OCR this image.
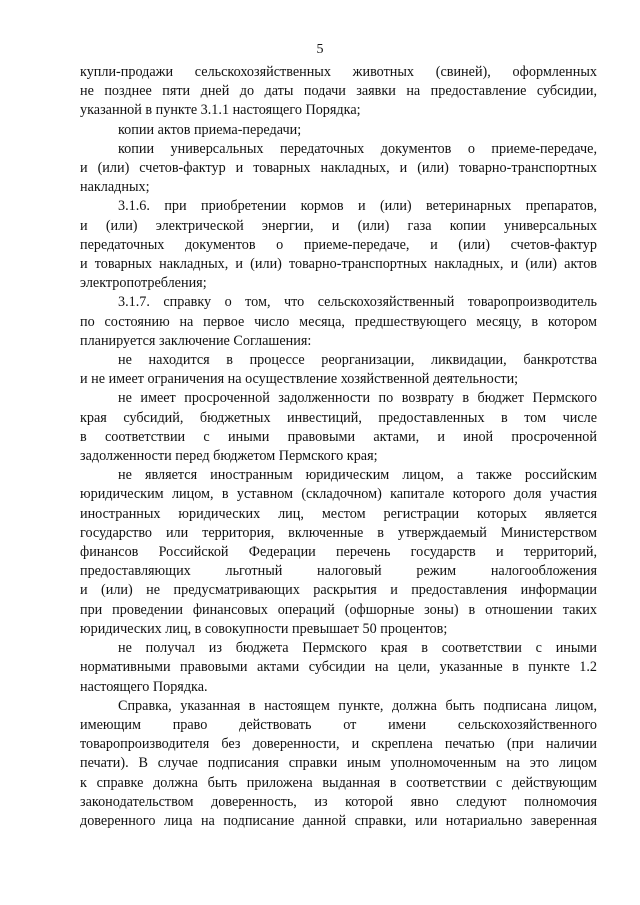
5
купли-продажи сельскохозяйственных животных (свиней), оформленных
не позднее пяти дней до даты подачи заявки на предоставление субсидии,
указанной в пункте 3.1.1 настоящего Порядка;
копии актов приема-передачи;
копии универсальных передаточных документов о приеме-передаче,
и (или) счетов-фактур и товарных накладных, и (или) товарно-транспортных
накладных;
3.1.6. при приобретении кормов и (или) ветеринарных препаратов,
и (или) электрической энергии, и (или) газа копии универсальных
передаточных документов о приеме-передаче, и (или) счетов-фактур
и товарных накладных, и (или) товарно-транспортных накладных, и (или) актов
электропотребления;
3.1.7. справку о том, что сельскохозяйственный товаропроизводитель
по состоянию на первое число месяца, предшествующего месяцу, в котором
планируется заключение Соглашения:
не находится в процессе реорганизации, ликвидации, банкротства
и не имеет ограничения на осуществление хозяйственной деятельности;
не имеет просроченной задолженности по возврату в бюджет Пермского
края субсидий, бюджетных инвестиций, предоставленных в том числе
в соответствии с иными правовыми актами, и иной просроченной
задолженности перед бюджетом Пермского края;
не является иностранным юридическим лицом, а также российским
юридическим лицом, в уставном (складочном) капитале которого доля участия
иностранных юридических лиц, местом регистрации которых является
государство или территория, включенные в утверждаемый Министерством
финансов Российской Федерации перечень государств и территорий,
предоставляющих льготный налоговый режим налогообложения
и (или) не предусматривающих раскрытия и предоставления информации
при проведении финансовых операций (офшорные зоны) в отношении таких
юридических лиц, в совокупности превышает 50 процентов;
не получал из бюджета Пермского края в соответствии с иными
нормативными правовыми актами субсидии на цели, указанные в пункте 1.2
настоящего Порядка.
Справка, указанная в настоящем пункте, должна быть подписана лицом,
имеющим право действовать от имени сельскохозяйственного
товаропроизводителя без доверенности, и скреплена печатью (при наличии
печати). В случае подписания справки иным уполномоченным на это лицом
к справке должна быть приложена выданная в соответствии с действующим
законодательством доверенность, из которой явно следуют полномочия
доверенного лица на подписание данной справки, или нотариально заверенная
